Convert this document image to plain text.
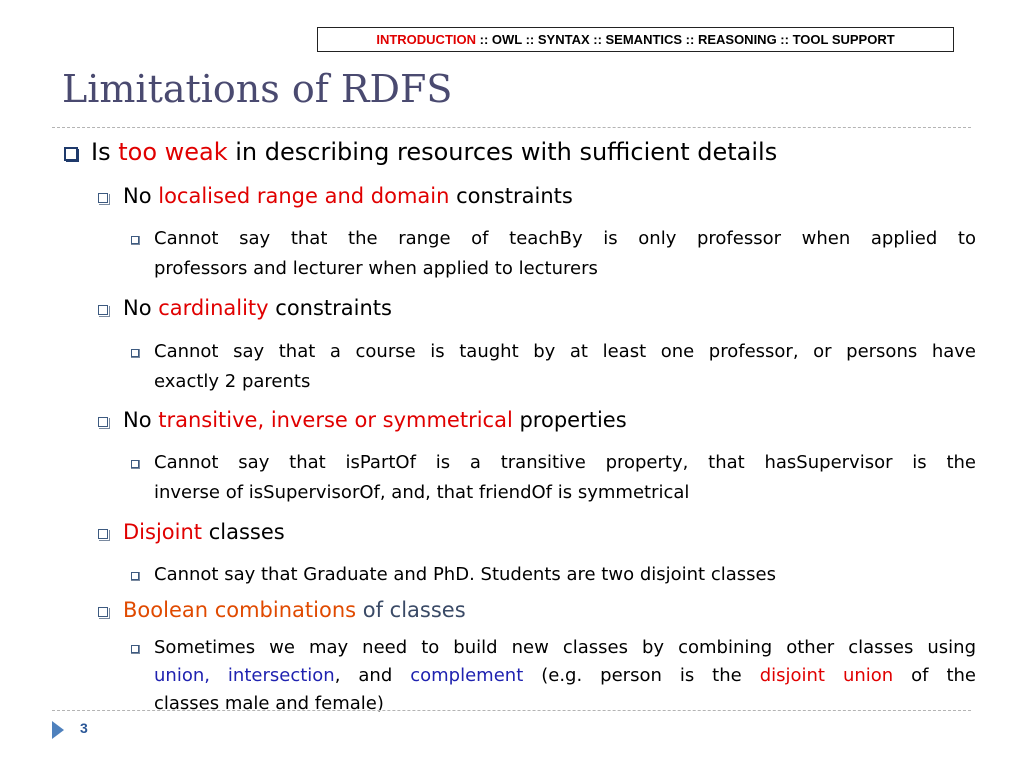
INTRODUCTION :: OWL :: SYNTAX :: SEMANTICS :: REASONING :: TOOL SUPPORT
Limitations of RDFS
Is too weak in describing resources with sufficient details
No localised range and domain constraints
Cannot say that the range of teachBy is only professor when applied to
professors and lecturer when applied to lecturers
No cardinality constraints
Cannot say that a course is taught by at least one professor, or persons have
exactly 2 parents
No transitive, inverse or symmetrical properties
Cannot say that isPartOf is a transitive property, that hasSupervisor is the
inverse of isSupervisorOf, and, that friendOf is symmetrical
Disjoint classes
Cannot say that Graduate and PhD. Students are two disjoint classes
Boolean combinations of classes
Sometimes we may need to build new classes by combining other classes using
union, intersection, and complement (e.g. person is the disjoint union of the
classes male and female)
3
